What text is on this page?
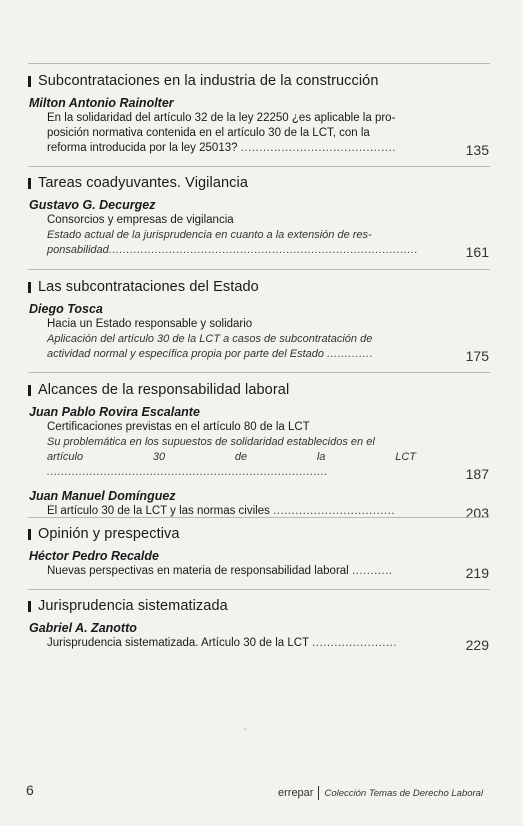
Subcontrataciones en la industria de la construcción
Milton Antonio Rainolter
En la solidaridad del artículo 32 de la ley 22250 ¿es aplicable la pro-
posición normativa contenida en el artículo 30 de la LCT, con la
reforma introducida por la ley 25013? ..........................................	135
Tareas coadyuvantes. Vigilancia
Gustavo G. Decurgez
Consorcios y empresas de vigilancia
Estado actual de la jurisprudencia en cuanto a la extensión de res-
ponsabilidad.......................................................................................	161
Las subcontrataciones del Estado
Diego Tosca
Hacia un Estado responsable y solidario
Aplicación del artículo 30 de la LCT a casos de subcontratación de
actividad normal y específica propia por parte del Estado .............	175
Alcances de la responsabilidad laboral
Juan Pablo Rovira Escalante
Certificaciones previstas en el artículo 80 de la LCT
Su problemática en los supuestos de solidaridad establecidos en el
artículo 30 de la LCT ...............................................................................	187
Juan Manuel Domínguez
El artículo 30 de la LCT y las normas civiles .................................	203
Opinión y prespectiva
Héctor Pedro Recalde
Nuevas perspectivas en materia de responsabilidad laboral ...........	219
Jurisprudencia sistematizada
Gabriel A. Zanotto
Jurisprudencia sistematizada. Artículo 30 de la LCT .......................	229
*
6	errepar Colección Temas de Derecho Laboral
